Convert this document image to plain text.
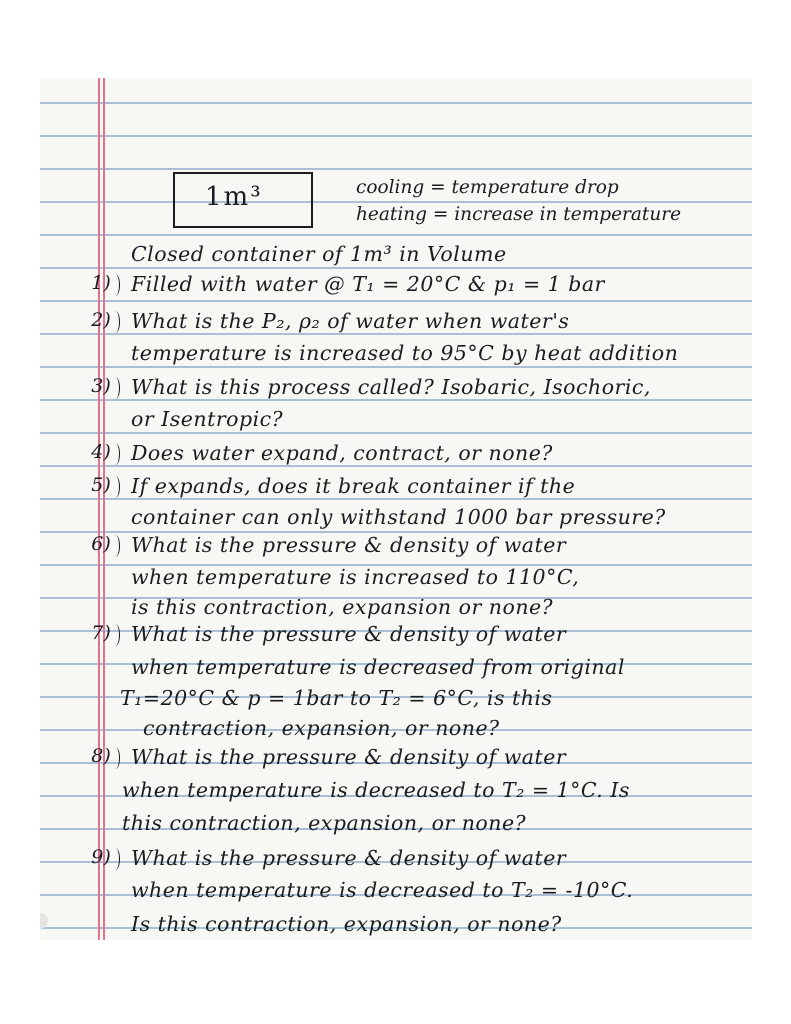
1m³	cooling = temperature drop
heating = increase in temperature
Closed container of 1m³ in Volume
1) Filled with water @ T₁ = 20°C & p₁ = 1 bar
2) What is the P₂, ρ₂ of water when water's
temperature is increased to 95°C by heat addition
3) What is this process called? Isobaric, Isochoric,
or Isentropic?
4) Does water expand, contract, or none?
5) If expands, does it break container if the
container can only withstand 1000 bar pressure?
6) What is the pressure & density of water
when temperature is increased to 110°C,
is this contraction, expansion or none?
7) What is the pressure & density of water
when temperature is decreased from original
T₁=20°C & p = 1bar to T₂ = 6°C, is this
contraction, expansion, or none?
8) What is the pressure & density of water
when temperature is decreased to T₂ = 1°C. Is
this contraction, expansion, or none?
9) What is the pressure & density of water
when temperature is decreased to T₂ = -10°C.
Is this contraction, expansion, or none?
